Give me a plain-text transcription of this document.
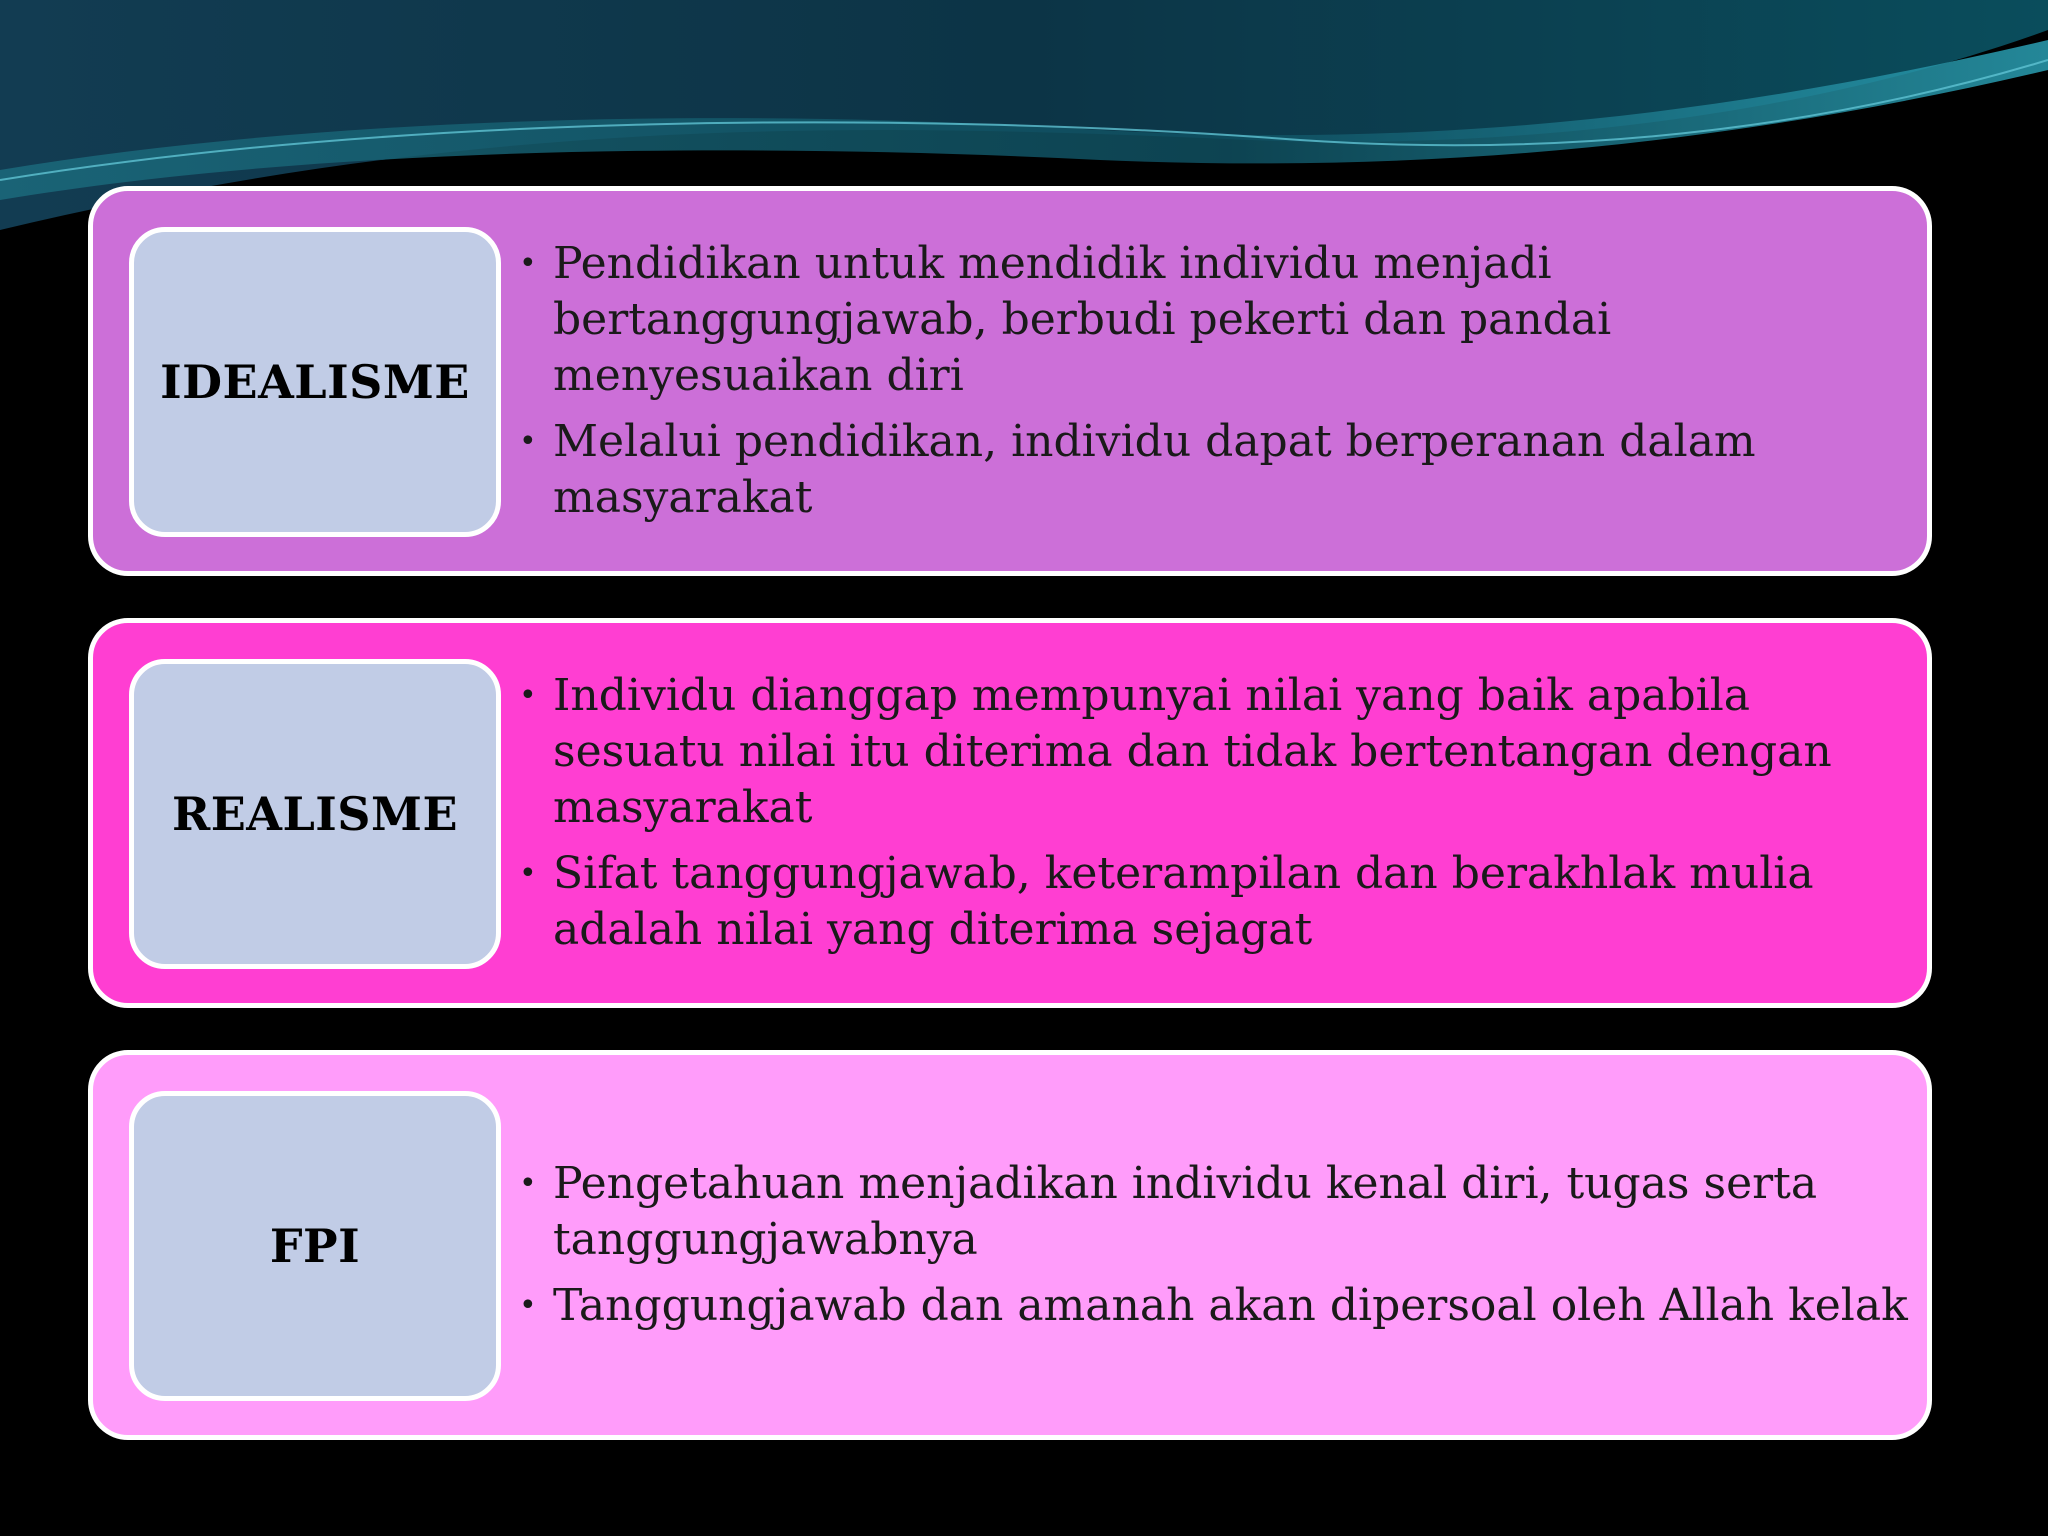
IDEALISME
• Pendidikan untuk mendidik individu menjadi bertanggungjawab, berbudi pekerti dan pandai menyesuaikan diri
• Melalui pendidikan, individu dapat berperanan dalam masyarakat
REALISME
• Individu dianggap mempunyai nilai yang baik apabila sesuatu nilai itu diterima dan tidak bertentangan dengan masyarakat
• Sifat tanggungjawab, keterampilan dan berakhlak mulia adalah nilai yang diterima sejagat
FPI
• Pengetahuan menjadikan individu kenal diri, tugas serta tanggungjawabnya
• Tanggungjawab dan amanah akan dipersoal oleh Allah kelak
